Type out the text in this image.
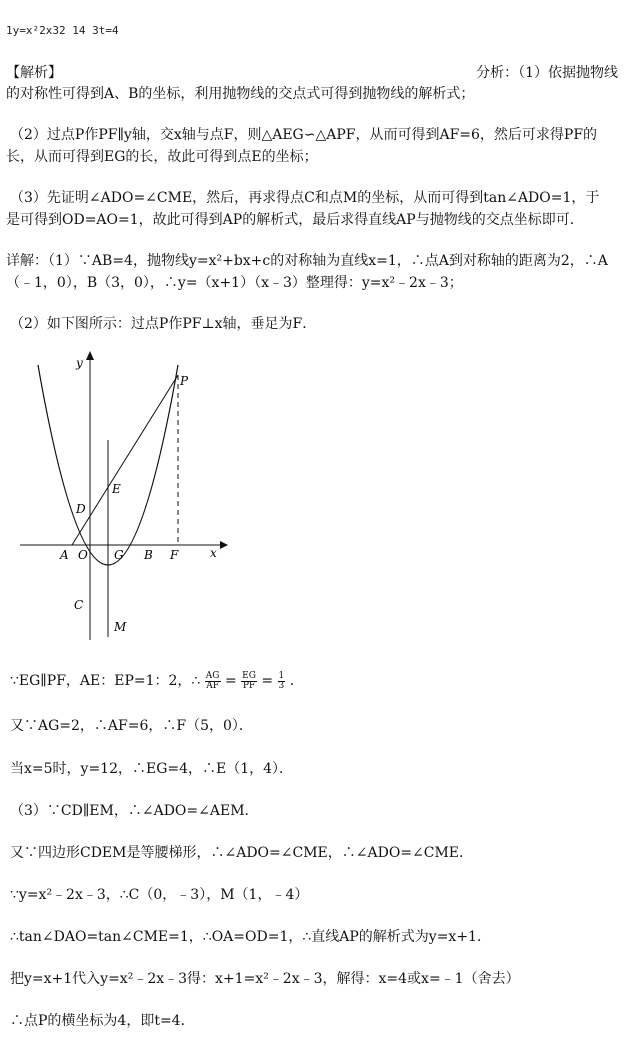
1y=x²2x32 14 3t=4
【解析】	分析：（1）依据抛物线
的对称性可得到A、B的坐标，利用抛物线的交点式可得到抛物线的解析式；
（2）过点P作PF∥y轴，交x轴与点F，则△AEG∽△APF，从而可得到AF=6，然后可求得PF的
长，从而可得到EG的长，故此可得到点E的坐标；
（3）先证明∠ADO=∠CME，然后，再求得点C和点M的坐标，从而可得到tan∠ADO=1，于
是可得到OD=AO=1，故此可得到AP的解析式，最后求得直线AP与抛物线的交点坐标即可．
详解：（1）∵AB=4，抛物线y=x²+bx+c的对称轴为直线x=1，∴点A到对称轴的距离为2，∴A
（﹣1，0），B（3，0），∴y=（x+1）（x﹣3）整理得：y=x²﹣2x﹣3；
（2）如下图所示：过点P作PF⊥x轴，垂足为F．
y
x
P
E
D
A O G B F
C
M
∵EG∥PF，AE：EP=1：2，∴ $\frac{AG}{AF} = \frac{EG}{PF} = \frac{1}{3}$ ．
又∵AG=2，∴AF=6，∴F（5，0）．
当x=5时，y=12，∴EG=4，∴E（1，4）．
（3）∵CD∥EM，∴∠ADO=∠AEM．
又∵四边形CDEM是等腰梯形，∴∠ADO=∠CME，∴∠ADO=∠CME．
∵y=x²﹣2x﹣3，∴C（0，﹣3），M（1，﹣4）
∴tan∠DAO=tan∠CME=1，∴OA=OD=1，∴直线AP的解析式为y=x+1．
把y=x+1代入y=x²﹣2x﹣3得：x+1=x²﹣2x﹣3，解得：x=4或x=﹣1（舍去）
∴点P的横坐标为4，即t=4．
